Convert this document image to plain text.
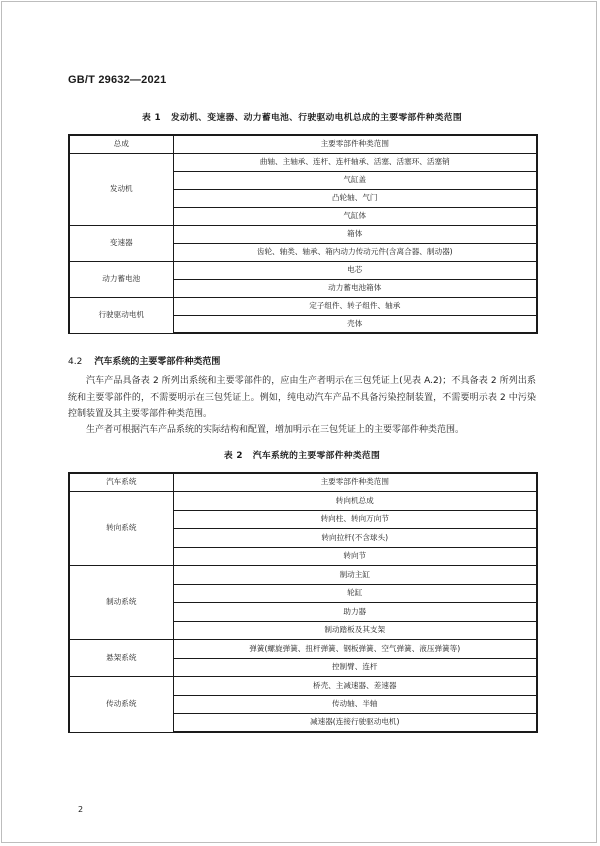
GB/T 29632—2021
表 1 发动机、变速器、动力蓄电池、行驶驱动电机总成的主要零部件种类范围
总成	主要零部件种类范围
发动机	曲轴、主轴承、连杆、连杆轴承、活塞、活塞环、活塞销
	气缸盖
	凸轮轴、气门
	气缸体
变速器	箱体
	齿轮、轴类、轴承、箱内动力传动元件(含离合器、制动器)
动力蓄电池	电芯
	动力蓄电池箱体
行驶驱动电机	定子组件、转子组件、轴承
	壳体
4.2 汽车系统的主要零部件种类范围
汽车产品具备表 2 所列出系统和主要零部件的，应由生产者明示在三包凭证上(见表 A.2)；不具备表 2 所列出系统和主要零部件的，不需要明示在三包凭证上。例如，纯电动汽车产品不具备污染控制装置，不需要明示表 2 中污染控制装置及其主要零部件种类范围。
生产者可根据汽车产品系统的实际结构和配置，增加明示在三包凭证上的主要零部件种类范围。
表 2 汽车系统的主要零部件种类范围
汽车系统	主要零部件种类范围
转向系统	转向机总成
	转向柱、转向万向节
	转向拉杆(不含球头)
	转向节
制动系统	制动主缸
	轮缸
	助力器
	制动踏板及其支架
悬架系统	弹簧(螺旋弹簧、扭杆弹簧、钢板弹簧、空气弹簧、液压弹簧等)
	控制臂、连杆
传动系统	桥壳、主减速器、差速器
	传动轴、半轴
	减速器(连接行驶驱动电机)
2
